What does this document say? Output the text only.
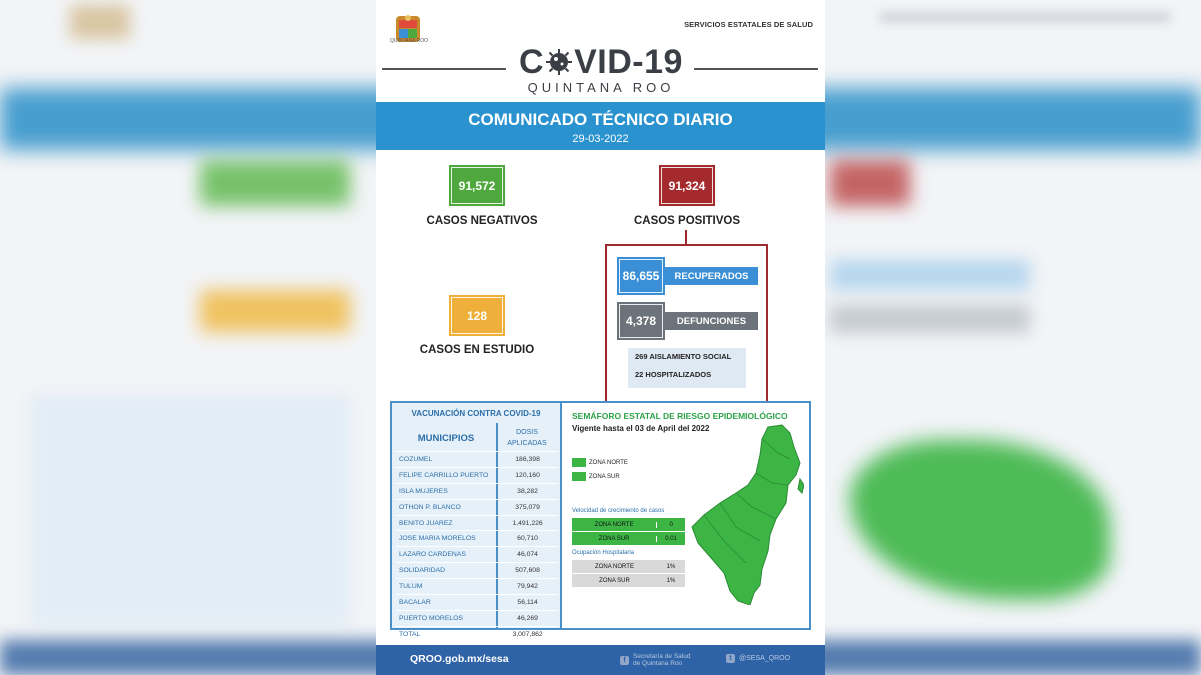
QUINTANA ROO
SERVICIOS ESTATALES DE SALUD
C VID-19
QUINTANA ROO
COMUNICADO TÉCNICO DIARIO
29-03-2022
91,572
CASOS NEGATIVOS
91,324
CASOS POSITIVOS
128
CASOS EN ESTUDIO
86,655	RECUPERADOS
4,378	DEFUNCIONES
269 AISLAMIENTO SOCIAL
22 HOSPITALIZADOS
VACUNACIÓN CONTRA COVID-19
MUNICIPIOS
DOSIS APLICADAS
COZUMEL	186,398
FELIPE CARRILLO PUERTO	120,160
ISLA MUJERES	38,282
OTHON P. BLANCO	375,079
BENITO JUAREZ	1,491,226
JOSE MARIA MORELOS	60,710
LAZARO CARDENAS	46,074
SOLIDARIDAD	507,608
TULUM	79,942
BACALAR	56,114
PUERTO MORELOS	46,269
TOTAL	3,007,862
SEMÁFORO ESTATAL DE RIESGO EPIDEMIOLÓGICO
Vigente hasta el 03 de April del 2022
ZONA NORTE
ZONA SUR
Velocidad de crecimiento de casos
ZONA NORTE	0
ZONA SUR	0.01
Ocupación Hospitalaria
ZONA NORTE	1%
ZONA SUR	1%
QROO.gob.mx/sesa	f	Secretaría de Salud
de Quintana Roo
t	@SESA_QROO
